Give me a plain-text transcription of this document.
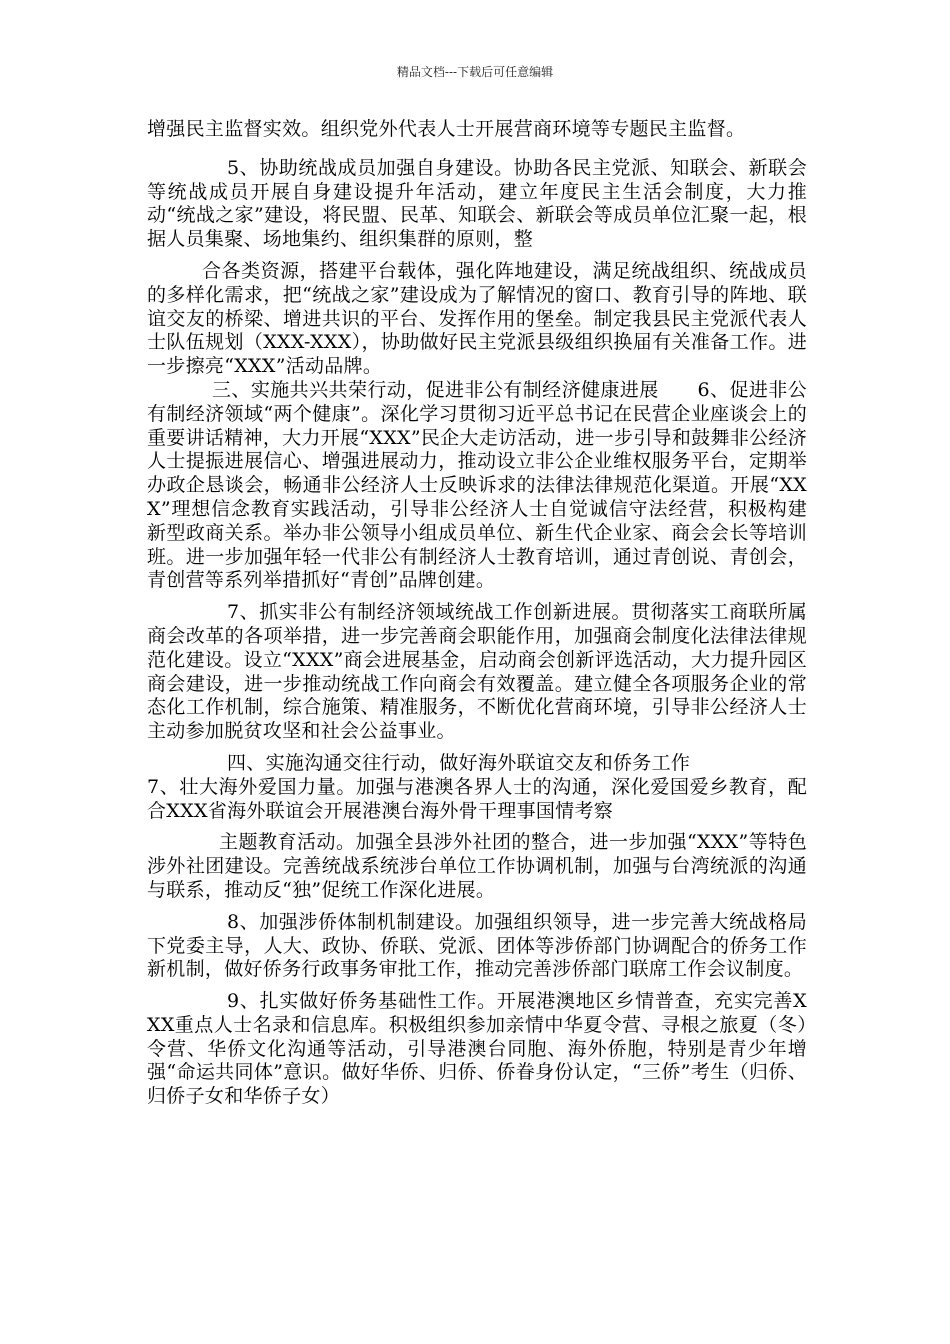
精品文档---下载后可任意编辑

增强民主监督实效。组织党外代表人士开展营商环境等专题民主监督。

5、协助统战成员加强自身建设。协助各民主党派、知联会、新联会等统战成员开展自身建设提升年活动，建立年度民主生活会制度，大力推动“统战之家”建设，将民盟、民革、知联会、新联会等成员单位汇聚一起，根据人员集聚、场地集约、组织集群的原则，整

合各类资源，搭建平台载体，强化阵地建设，满足统战组织、统战成员的多样化需求，把“统战之家”建设成为了解情况的窗口、教育引导的阵地、联谊交友的桥梁、增进共识的平台、发挥作用的堡垒。制定我县民主党派代表人士队伍规划（XXX-XXX），协助做好民主党派县级组织换届有关准备工作。进一步擦亮“XXX”活动品牌。

三、实施共兴共荣行动，促进非公有制经济健康进展　　6、促进非公有制经济领域“两个健康”。深化学习贯彻习近平总书记在民营企业座谈会上的重要讲话精神，大力开展“XXX”民企大走访活动，进一步引导和鼓舞非公经济人士提振进展信心、增强进展动力，推动设立非公企业维权服务平台，定期举办政企恳谈会，畅通非公经济人士反映诉求的法律法律规范化渠道。开展“XXX”理想信念教育实践活动，引导非公经济人士自觉诚信守法经营，积极构建新型政商关系。举办非公领导小组成员单位、新生代企业家、商会会长等培训班。进一步加强年轻一代非公有制经济人士教育培训，通过青创说、青创会，青创营等系列举措抓好“青创”品牌创建。

7、抓实非公有制经济领域统战工作创新进展。贯彻落实工商联所属商会改革的各项举措，进一步完善商会职能作用，加强商会制度化法律法律规范化建设。设立“XXX”商会进展基金，启动商会创新评选活动，大力提升园区商会建设，进一步推动统战工作向商会有效覆盖。建立健全各项服务企业的常态化工作机制，综合施策、精准服务，不断优化营商环境，引导非公经济人士主动参加脱贫攻坚和社会公益事业。

四、实施沟通交往行动，做好海外联谊交友和侨务工作

7、壮大海外爱国力量。加强与港澳各界人士的沟通，深化爱国爱乡教育，配合XXX省海外联谊会开展港澳台海外骨干理事国情考察

主题教育活动。加强全县涉外社团的整合，进一步加强“XXX”等特色涉外社团建设。完善统战系统涉台单位工作协调机制，加强与台湾统派的沟通与联系，推动反“独”促统工作深化进展。

8、加强涉侨体制机制建设。加强组织领导，进一步完善大统战格局下党委主导，人大、政协、侨联、党派、团体等涉侨部门协调配合的侨务工作新机制，做好侨务行政事务审批工作，推动完善涉侨部门联席工作会议制度。

9、扎实做好侨务基础性工作。开展港澳地区乡情普查，充实完善XXX重点人士名录和信息库。积极组织参加亲情中华夏令营、寻根之旅夏（冬）令营、华侨文化沟通等活动，引导港澳台同胞、海外侨胞，特别是青少年增强“命运共同体”意识。做好华侨、归侨、侨眷身份认定，“三侨”考生（归侨、归侨子女和华侨子女）
